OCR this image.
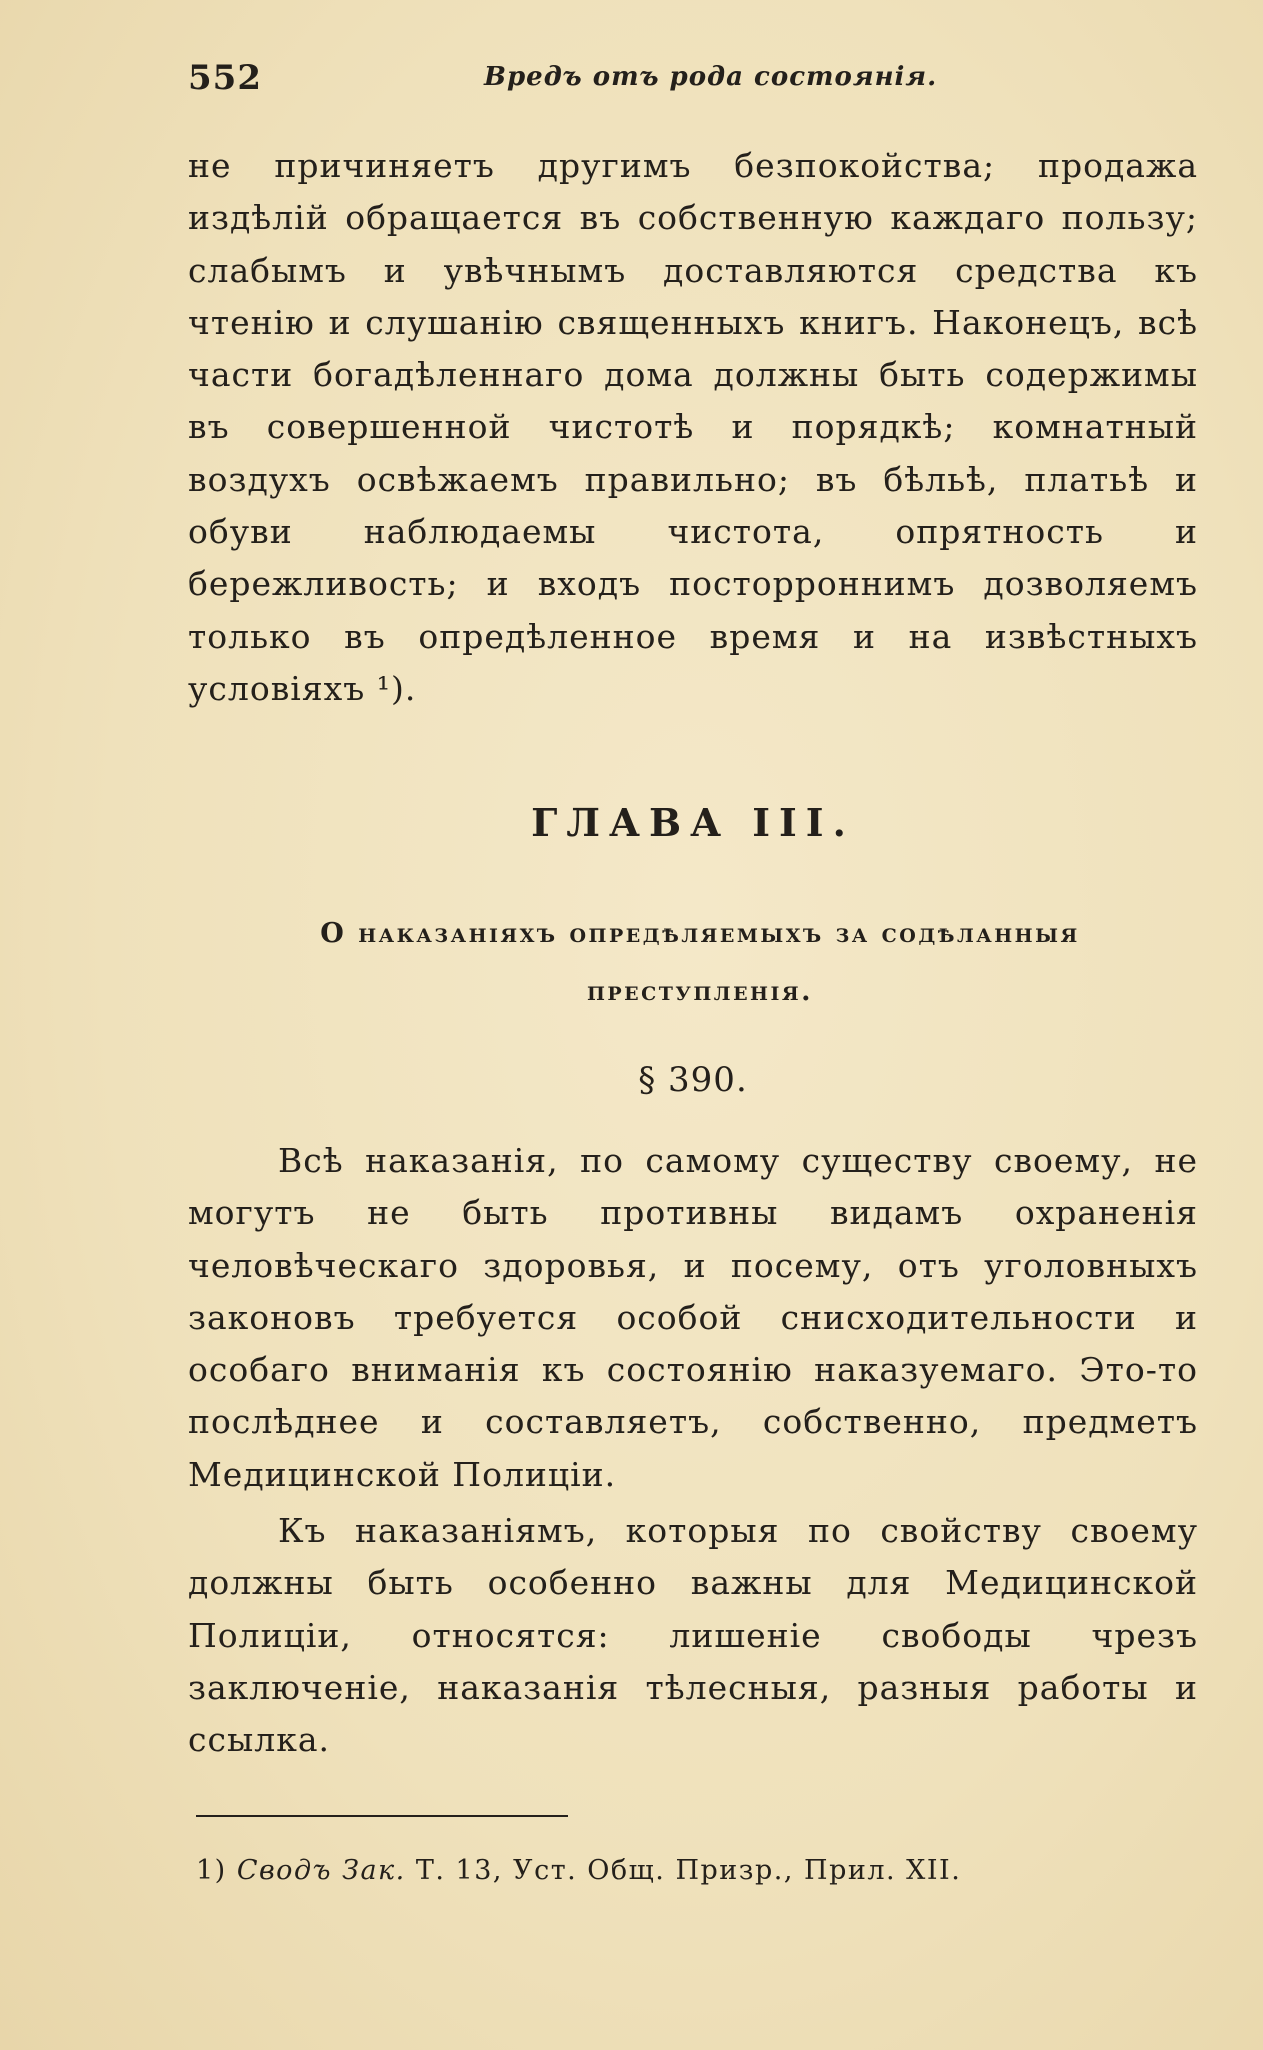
552	Вредъ отъ рода состоянія.
не причиняетъ другимъ безпокойства; продажа издѣлій обращается въ собственную каждаго пользу; слабымъ и увѣчнымъ доставляются средства къ чтенію и слушанію священныхъ книгъ. Наконецъ, всѣ части богадѣленнаго дома должны быть содержимы въ совершенной чистотѣ и порядкѣ; комнатный воздухъ освѣжаемъ правильно; въ бѣльѣ, платьѣ и обуви наблюдаемы чистота, опрятность и бережливость; и входъ посторроннимъ дозволяемъ только въ опредѣленное время и на извѣстныхъ условіяхъ ¹).
ГЛАВА III.
О наказаніяхъ опредѣляемыхъ за содѣланныя преступленія.
§ 390.

Всѣ наказанія, по самому существу своему, не могутъ не быть противны видамъ охраненія человѣческаго здоровья, и посему, отъ уголовныхъ законовъ требуется особой снисходительности и особаго вниманія къ состоянію наказуемаго. Это-то послѣднее и составляетъ, собственно, предметъ Медицинской Полиціи.

Къ наказаніямъ, которыя по свойству своему должны быть особенно важны для Медицинской Полиціи, относятся: лишеніе свободы чрезъ заключеніе, наказанія тѣлесныя, разныя работы и ссылка.

1) Сводъ Зак. Т. 13, Уст. Общ. Призр., Прил. XII.
